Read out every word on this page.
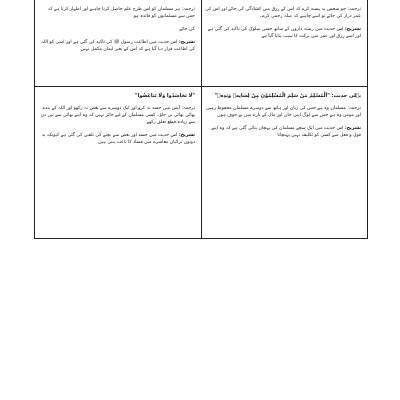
ترجمہ: جو شخص یہ پسند کرے کہ اس کے رزق میں کشادگی کی جائے اور اس کی عمر دراز کی جائے تو اسے چاہیے کہ صلہ رحمی کرے۔

تشریح: اس حدیث میں رشتہ داروں کے ساتھ حسن سلوک کی تاکید کی گئی ہے اور اسے رزق اور عمر میں برکت کا سبب بتایا گیا ہے

ترجمہ: ہر مسلمان کو اس طرح علم حاصل کرنا چاہیے اور اظہار کرتا ہے کہ جس سے مسلمانوں کو فائدہ ہو

کی جائے

تشریح: اس حدیث میں اطاعت رسول ﷺ کی تاکید کی گئی ہے اور اسی کو اللہ کی اطاعت قرار دیا گیا ہے کہ اس کے بغیر ایمان مکمل نہیں

پہلی حدیث: "اَلْمُسْلِمُ مَنْ سَلِمَ الْمُسْلِمُوْنَ مِنْ لِسَانِهٖ وَيَدِهٖ"

ترجمہ: مسلمان وہ ہے جس کی زبان اور ہاتھ سے دوسرے مسلمان محفوظ رہیں اور مومن وہ ہے جس سے لوگ اپنی جان اور مال کے بارے میں بے خوف ہوں

تشریح: اس حدیث میں ایک سچے مسلمان کی پہچان بتائی گئی ہے کہ وہ اپنے قول و فعل سے کسی کو تکلیف نہیں پہنچاتا

"لَا تَحَاسَدُوا وَلَا تَبَاغَضُوا"

ترجمہ: آپس میں حسد نہ کرو اور ایک دوسرے سے بغض نہ رکھو اور اللہ کے بندے بھائی بھائی بن جاؤ۔ کسی مسلمان کے لیے جائز نہیں کہ وہ اپنے بھائی سے تین دن سے زیادہ قطع تعلق رکھے

تشریح: اس حدیث میں حسد اور بغض سے بچنے کی تلقین کی گئی ہے کیونکہ یہ دونوں برائیاں معاشرے میں فساد کا باعث بنتی ہیں
